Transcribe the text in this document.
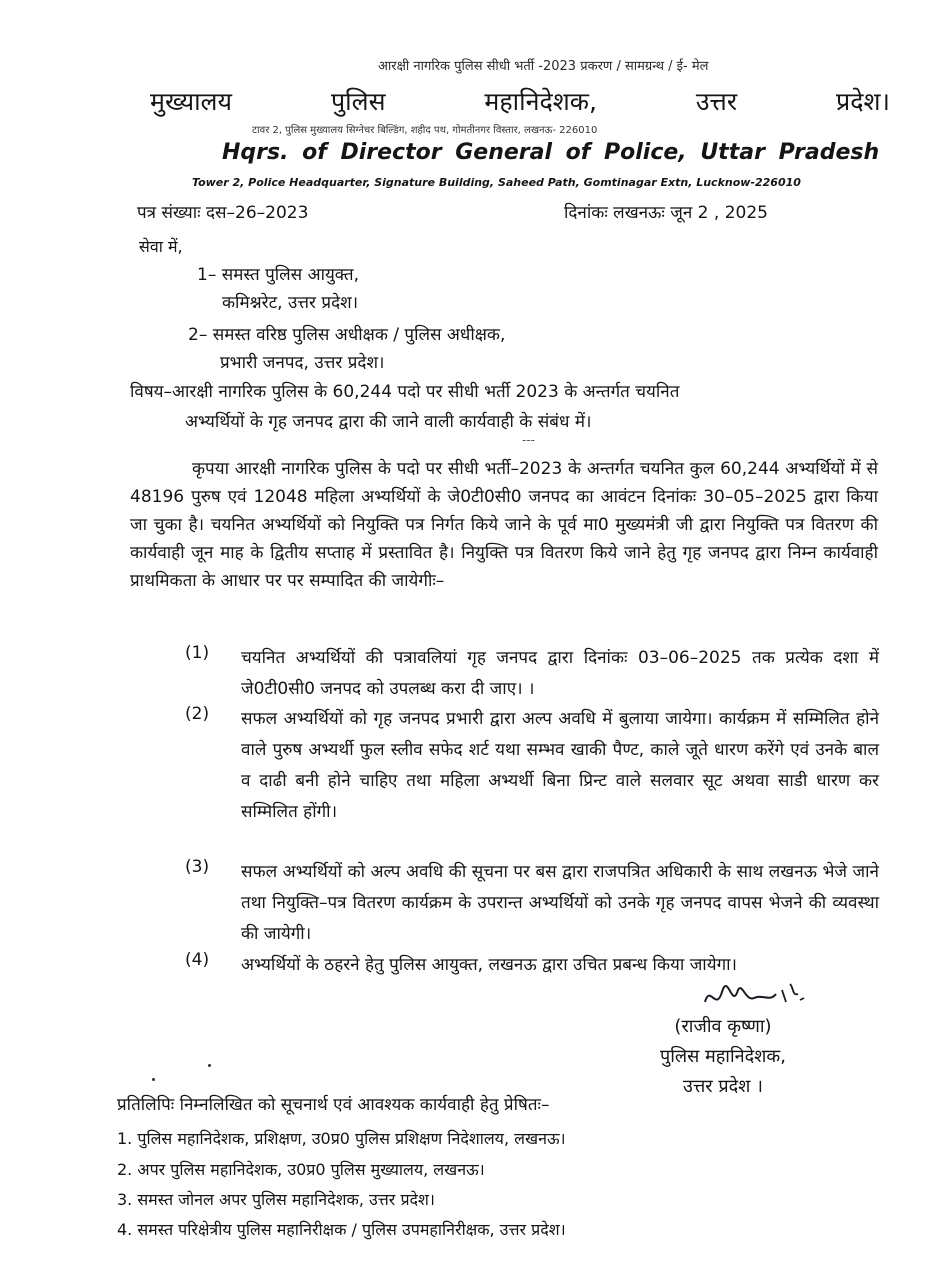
आरक्षी नागरिक पुलिस सीधी भर्ती -2023 प्रकरण / सामग्रन्थ / ई- मेल
मुख्यालय	पुलिस	महानिदेशक,	उत्तर	प्रदेश।
टावर 2, पुलिस मुख्यालय सिग्नेचर बिल्डिंग, शहीद पथ, गोमतीनगर विस्तार, लखनऊ- 226010
Hqrs. of Director General of Police, Uttar Pradesh
Tower 2, Police Headquarter, Signature Building, Saheed Path, Gomtinagar Extn, Lucknow-226010
पत्र संख्याः दस–26–2023	दिनांकः लखनऊः जून 2 , 2025
सेवा में,
1– समस्त पुलिस आयुक्त,
कमिश्नरेट, उत्तर प्रदेश।
2– समस्त वरिष्ठ पुलिस अधीक्षक / पुलिस अधीक्षक,
प्रभारी जनपद, उत्तर प्रदेश।
विषय–आरक्षी नागरिक पुलिस के 60,244 पदो पर सीधी भर्ती 2023 के अन्तर्गत चयनित
अभ्यर्थियों के गृह जनपद द्वारा की जाने वाली कार्यवाही के संबंध में।
---
कृपया आरक्षी नागरिक पुलिस के पदो पर सीधी भर्ती–2023 के अन्तर्गत चयनित कुल 60,244 अभ्यर्थियों में से 48196 पुरुष एवं 12048 महिला अभ्यर्थियों के जे0टी0सी0 जनपद का आवंटन दिनांकः 30–05–2025 द्वारा किया जा चुका है। चयनित अभ्यर्थियों को नियुक्ति पत्र निर्गत किये जाने के पूर्व मा0 मुख्यमंत्री जी द्वारा नियुक्ति पत्र वितरण की कार्यवाही जून माह के द्वितीय सप्ताह में प्रस्तावित है। नियुक्ति पत्र वितरण किये जाने हेतु गृह जनपद द्वारा निम्न कार्यवाही प्राथमिकता के आधार पर पर सम्पादित की जायेगीः–
(1) चयनित अभ्यर्थियों की पत्रावलियां गृह जनपद द्वारा दिनांकः 03–06–2025 तक प्रत्येक दशा में जे0टी0सी0 जनपद को उपलब्ध करा दी जाए। ।
(2) सफल अभ्यर्थियों को गृह जनपद प्रभारी द्वारा अल्प अवधि में बुलाया जायेगा। कार्यक्रम में सम्मिलित होने वाले पुरुष अभ्यर्थी फुल स्लीव सफेद शर्ट यथा सम्भव खाकी पैण्ट, काले जूते धारण करेंगे एवं उनके बाल व दाढी बनी होने चाहिए तथा महिला अभ्यर्थी बिना प्रिन्ट वाले सलवार सूट अथवा साडी धारण कर सम्मिलित होंगी।
(3) सफल अभ्यर्थियों को अल्प अवधि की सूचना पर बस द्वारा राजपत्रित अधिकारी के साथ लखनऊ भेजे जाने तथा नियुक्ति–पत्र वितरण कार्यक्रम के उपरान्त अभ्यर्थियों को उनके गृह जनपद वापस भेजने की व्यवस्था की जायेगी।
(4) अभ्यर्थियों के ठहरने हेतु पुलिस आयुक्त, लखनऊ द्वारा उचित प्रबन्ध किया जायेगा।
(राजीव कृष्णा)
पुलिस महानिदेशक,
उत्तर प्रदेश ।
प्रतिलिपिः निम्नलिखित को सूचनार्थ एवं आवश्यक कार्यवाही हेतु प्रेषितः–
1. पुलिस महानिदेशक, प्रशिक्षण, उ0प्र0 पुलिस प्रशिक्षण निदेशालय, लखनऊ।
2. अपर पुलिस महानिदेशक, उ0प्र0 पुलिस मुख्यालय, लखनऊ।
3. समस्त जोनल अपर पुलिस महानिदेशक, उत्तर प्रदेश।
4. समस्त परिक्षेत्रीय पुलिस महानिरीक्षक / पुलिस उपमहानिरीक्षक, उत्तर प्रदेश।
